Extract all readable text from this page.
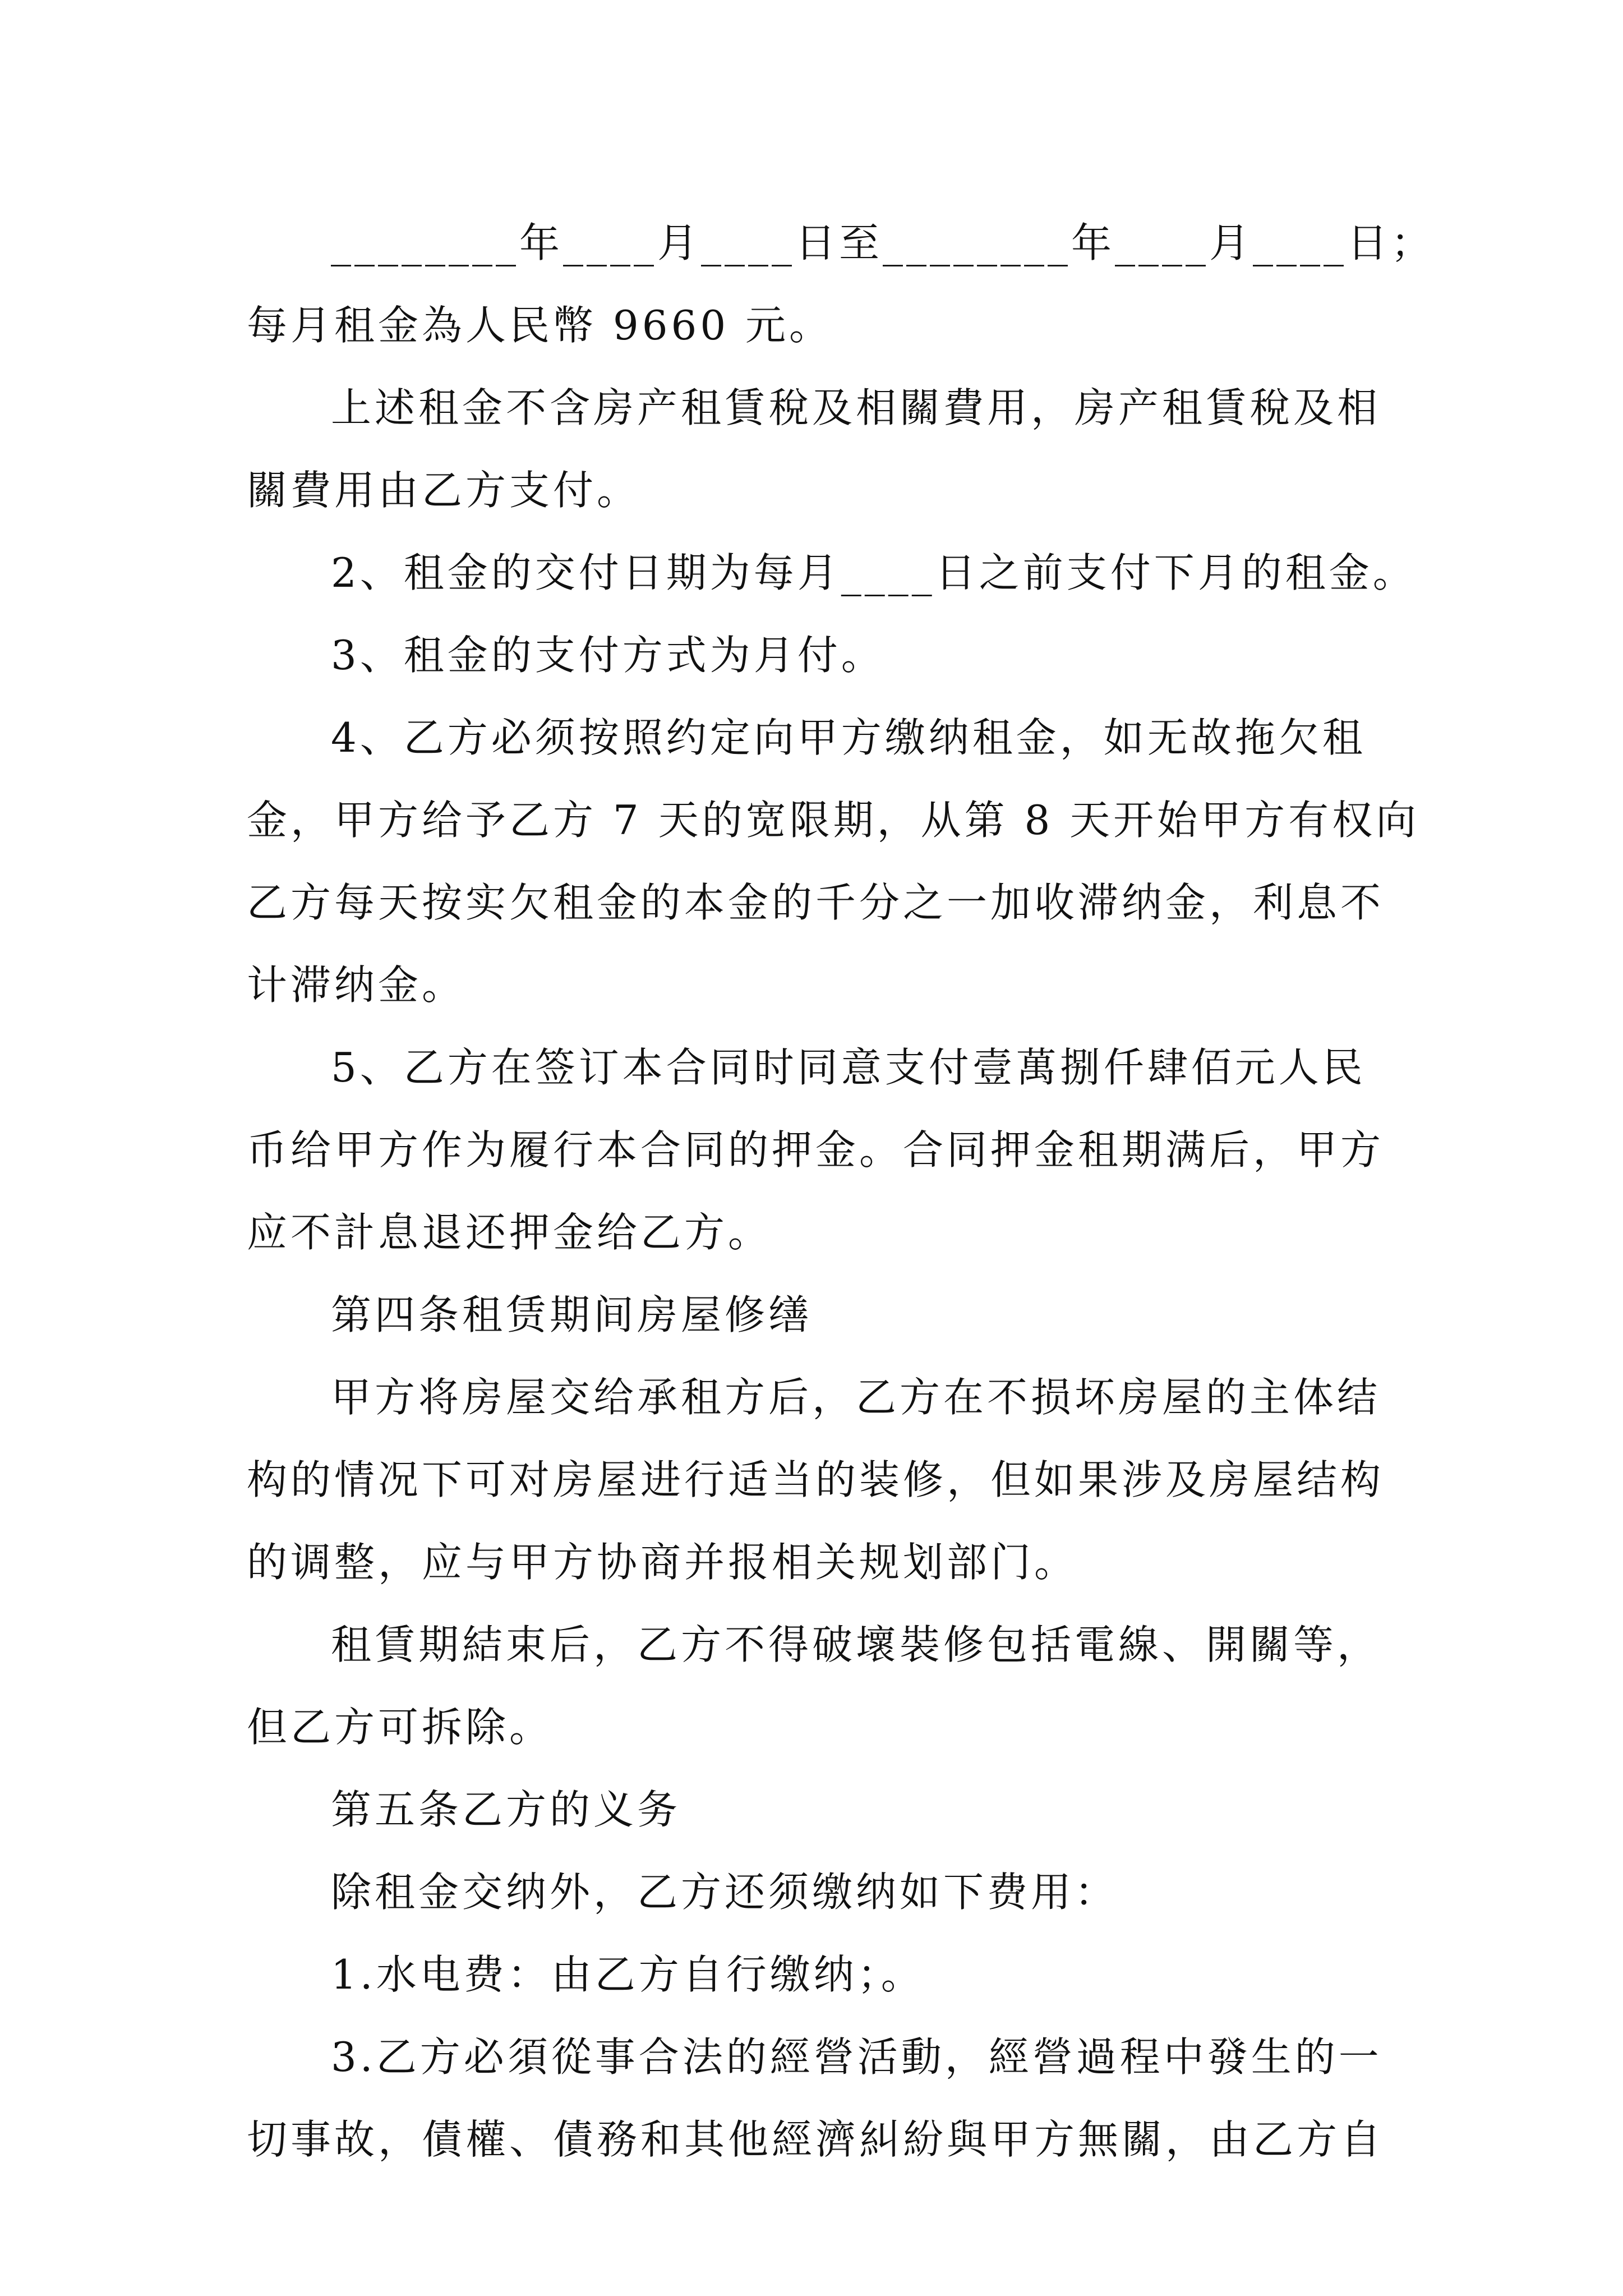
________年____月____日至________年____月____日；
每月租金為人民幣 9660 元。
上述租金不含房产租賃稅及相關費用，房产租賃稅及相
關費用由乙方支付。
2、租金的交付日期为每月____日之前支付下月的租金。
3、租金的支付方式为月付。
4、乙方必须按照约定向甲方缴纳租金，如无故拖欠租
金，甲方给予乙方 7 天的宽限期，从第 8 天开始甲方有权向
乙方每天按实欠租金的本金的千分之一加收滞纳金，利息不
计滞纳金。
5、乙方在签订本合同时同意支付壹萬捌仟肆佰元人民
币给甲方作为履行本合同的押金。合同押金租期满后，甲方
应不計息退还押金给乙方。
第四条租赁期间房屋修缮
甲方将房屋交给承租方后，乙方在不损坏房屋的主体结
构的情况下可对房屋进行适当的装修，但如果涉及房屋结构
的调整，应与甲方协商并报相关规划部门。
租賃期結束后，乙方不得破壞裝修包括電線、開關等，
但乙方可拆除。
第五条乙方的义务
除租金交纳外，乙方还须缴纳如下费用：
1.水电费：由乙方自行缴纳；。
3.乙方必須從事合法的經營活動，經營過程中發生的一
切事故，債權、債務和其他經濟糾紛與甲方無關，由乙方自
